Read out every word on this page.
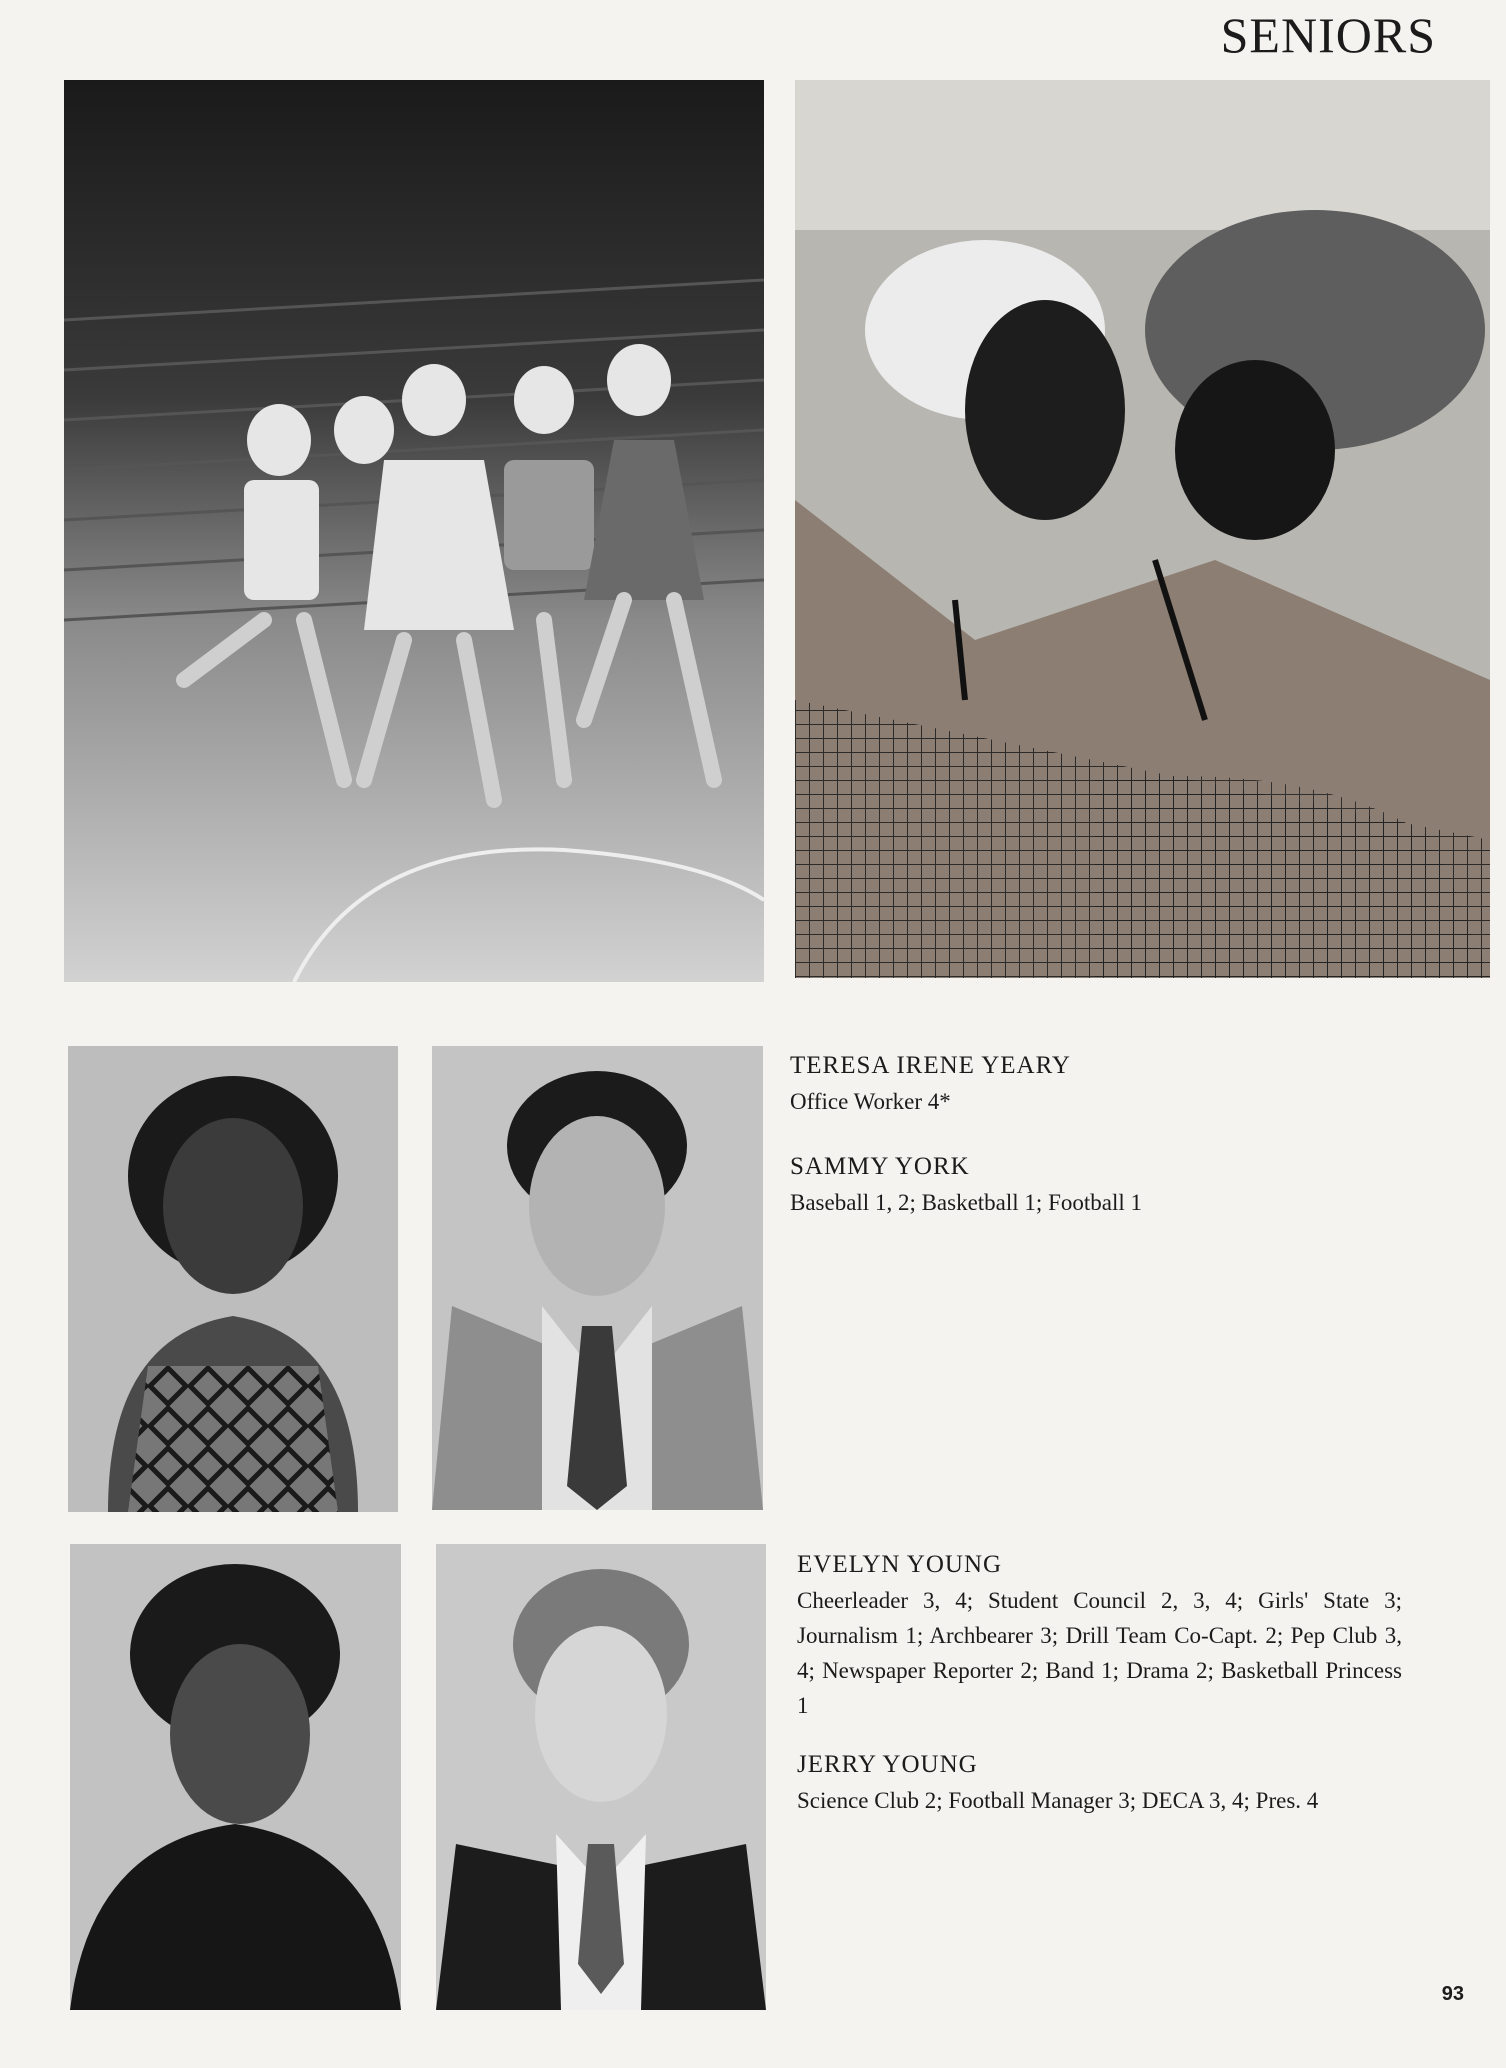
SENIORS

TERESA IRENE YEARY

Office Worker 4*

SAMMY YORK

Baseball 1, 2; Basketball 1; Football 1

EVELYN YOUNG

Cheerleader 3, 4; Student Council 2, 3, 4; Girls' State 3; Journalism 1; Archbearer 3; Drill Team Co-Capt. 2; Pep Club 3, 4; Newspaper Reporter 2; Band 1; Drama 2; Basketball Princess 1

JERRY YOUNG

Science Club 2; Football Manager 3; DECA 3, 4; Pres. 4

93
